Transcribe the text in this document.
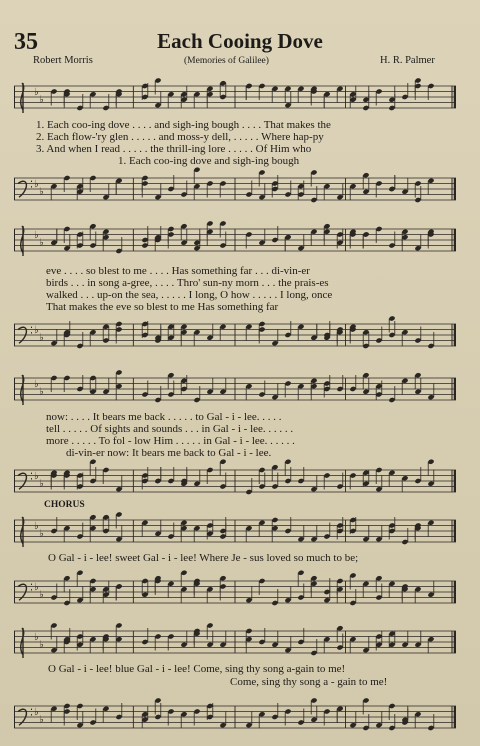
35	Each Cooing Dove
Robert Morris	(Memories of Galilee)	H. R. Palmer
♭
♭
1. Each coo-ing dove . . . . and sigh-ing bough . . . . That makes the
2. Each flow-'ry glen . . . . . and moss-y dell, . . . . . Where hap-py
3. And when I read . . . . . the thrill-ing lore . . . . . Of Him who
1. Each coo-ing dove and sigh-ing bough
♭
♭
♭
♭
eve . . . . so blest to me . . . . Has something far . . . di-vin-er
birds . . . in song a-gree, . . . . Thro' sun-ny morn . . . the prais-es
walked . . . up-on the sea, . . . . . I long, O how . . . . . I long, once
That makes the eve so blest to me Has something far
♭
♭
♭
♭
now: . . . . It bears me back . . . . . to Gal - i - lee. . . . .
tell . . . . . Of sights and sounds . . . in Gal - i - lee. . . . . .
more . . . . . To fol - low Him . . . . . in Gal - i - lee. . . . . .
di-vin-er now: It bears me back to Gal - i - lee.
♭
♭
CHORUS
♭
♭
O Gal - i - lee! sweet Gal - i - lee! Where Je - sus loved so much to be;
♭
♭
♭
♭
O Gal - i - lee! blue Gal - i - lee! Come, sing thy song a-gain to me!
Come, sing thy song a - gain to me!
♭
♭
